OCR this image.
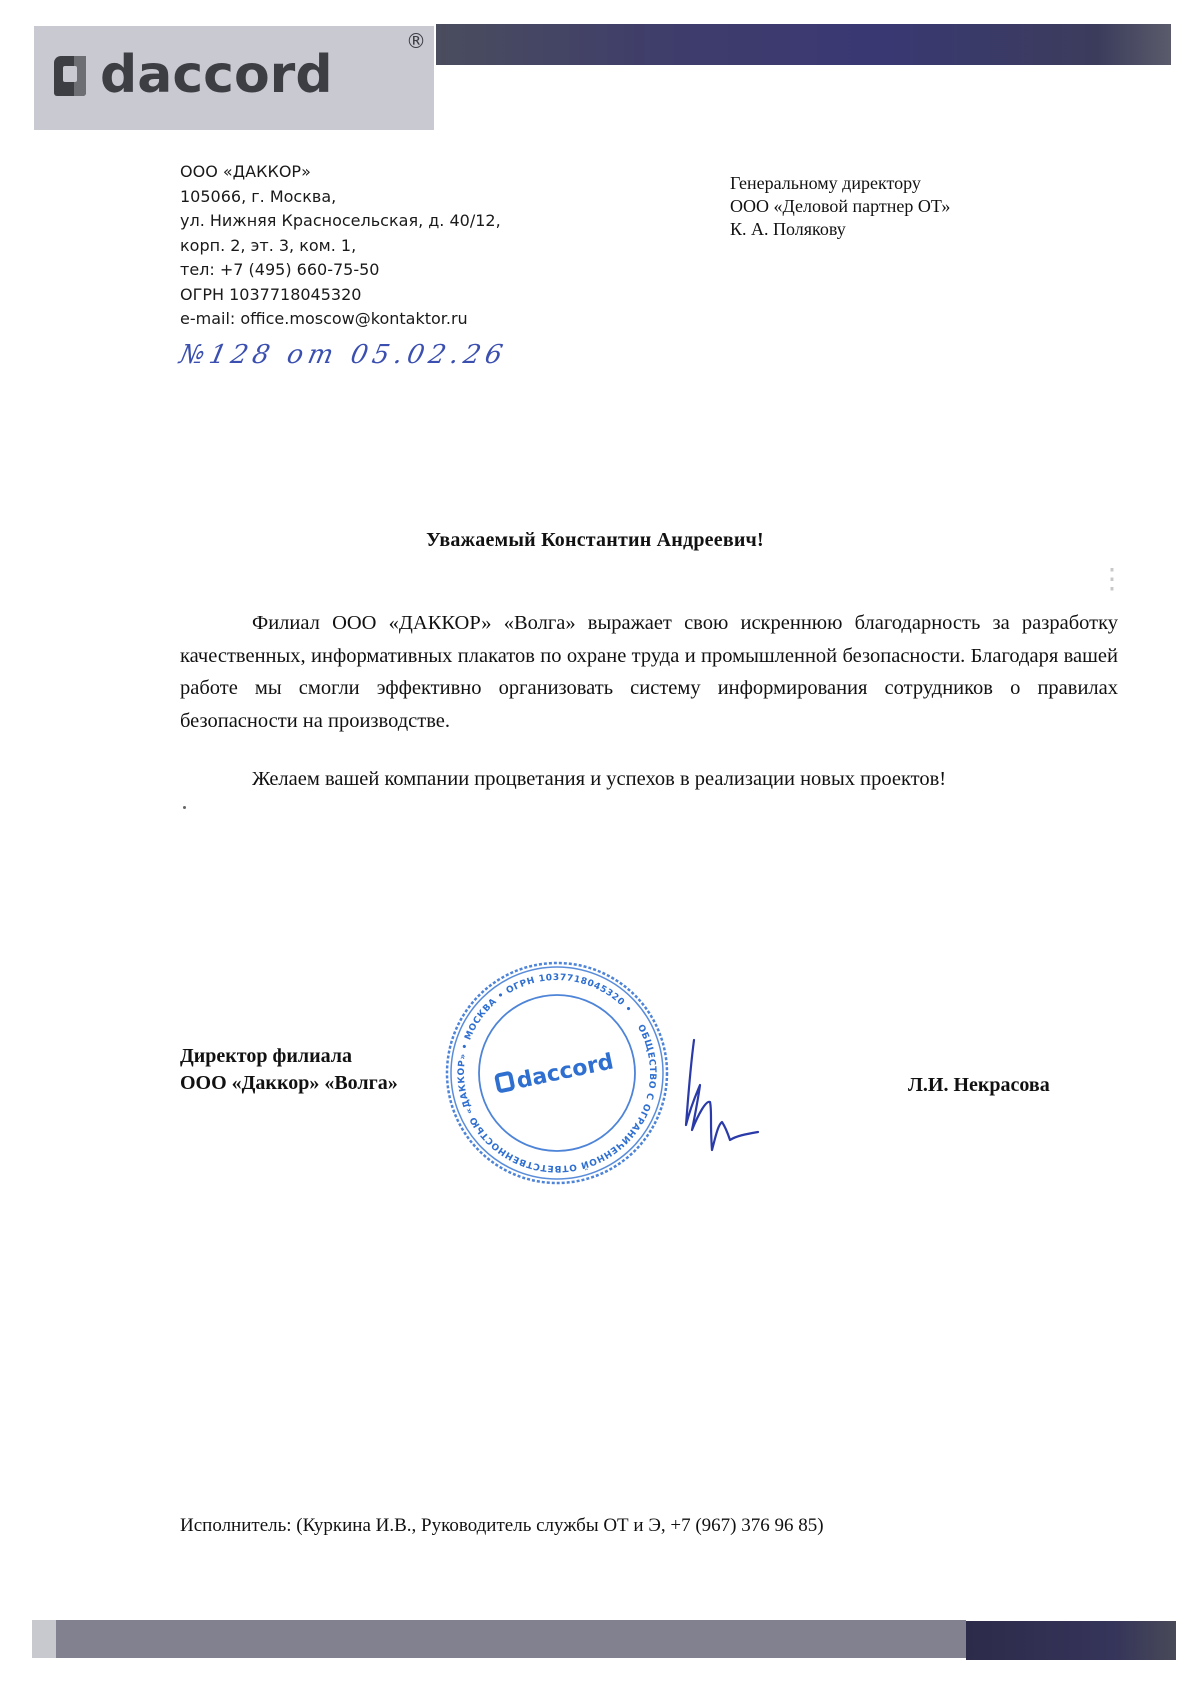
daccord
®
ООО «ДАККОР»
105066, г. Москва,
ул. Нижняя Красносельская, д. 40/12,
корп. 2, эт. 3, ком. 1,
тел: +7 (495) 660-75-50
ОГРН 1037718045320
e-mail: office.moscow@kontaktor.ru
№128 от 05.02.26
Генеральному директору
ООО «Деловой партнер ОТ»
К. А. Полякову
Уважаемый Константин Андреевич!
Филиал ООО «ДАККОР» «Волга» выражает свою искреннюю благодарность за разработку качественных, информативных плакатов по охране труда и промышленной безопасности. Благодаря вашей работе мы смогли эффективно организовать систему информирования сотрудников о правилах безопасности на производстве.
Желаем вашей компании процветания и успехов в реализации новых проектов!
Директор филиала
ООО «Даккор» «Волга»
ОБЩЕСТВО С ОГРАНИЧЕННОЙ ОТВЕТСТВЕННОСТЬЮ «ДАККОР» • МОСКВА • ОГРН 1037718045320 •
daccord	Л.И. Некрасова
⋮
Исполнитель: (Куркина И.В., Руководитель службы ОТ и Э, +7 (967) 376 96 85)
